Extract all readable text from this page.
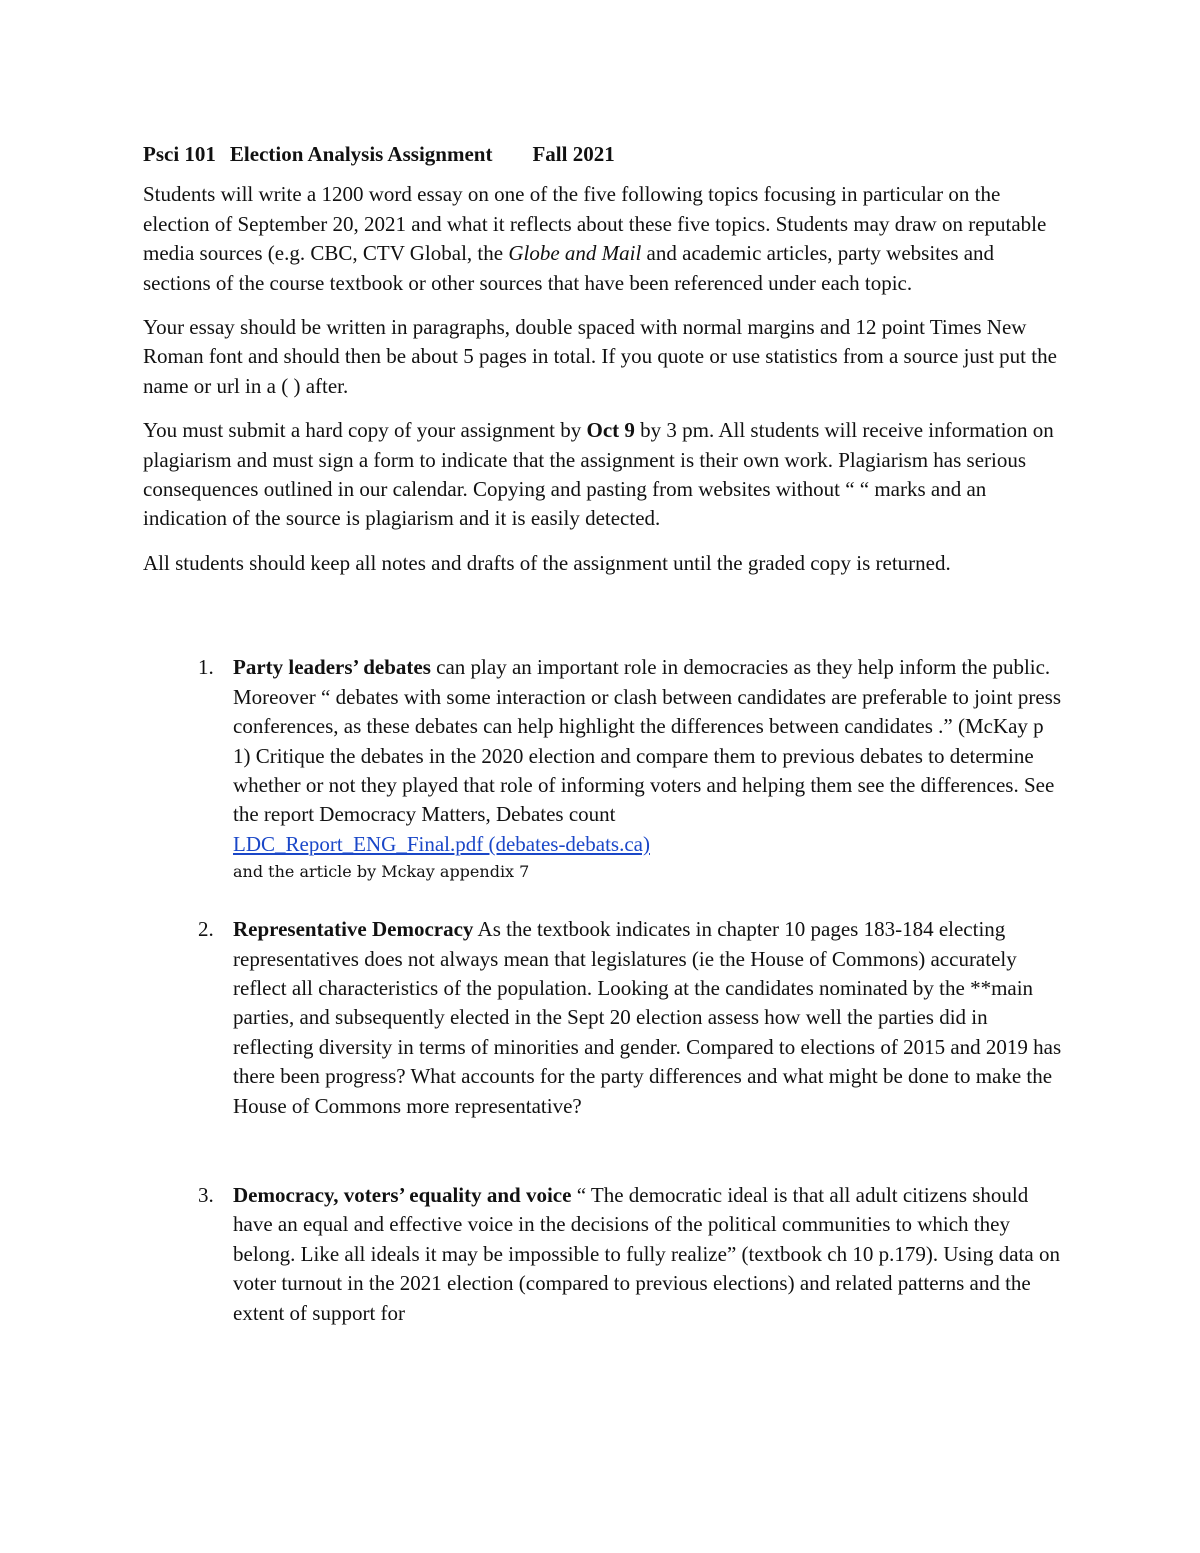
Psci 101 Election Analysis Assignment Fall 2021

Students will write a 1200 word essay on one of the five following topics focusing in particular on the election of September 20, 2021 and what it reflects about these five topics. Students may draw on reputable media sources (e.g. CBC, CTV Global, the Globe and Mail and academic articles, party websites and sections of the course textbook or other sources that have been referenced under each topic.

Your essay should be written in paragraphs, double spaced with normal margins and 12 point Times New Roman font and should then be about 5 pages in total. If you quote or use statistics from a source just put the name or url in a ( ) after.

You must submit a hard copy of your assignment by Oct 9 by 3 pm. All students will receive information on plagiarism and must sign a form to indicate that the assignment is their own work. Plagiarism has serious consequences outlined in our calendar. Copying and pasting from websites without “ “ marks and an indication of the source is plagiarism and it is easily detected.

All students should keep all notes and drafts of the assignment until the graded copy is returned.

1. Party leaders’ debates can play an important role in democracies as they help inform the public. Moreover “ debates with some interaction or clash between candidates are preferable to joint press conferences, as these debates can help highlight the differences between candidates .” (McKay p 1) Critique the debates in the 2020 election and compare them to previous debates to determine whether or not they played that role of informing voters and helping them see the differences. See the report Democracy Matters, Debates count
LDC_Report_ENG_Final.pdf (debates-debats.ca)
and the article by Mckay appendix 7
2. Representative Democracy As the textbook indicates in chapter 10 pages 183-184 electing representatives does not always mean that legislatures (ie the House of Commons) accurately reflect all characteristics of the population. Looking at the candidates nominated by the **main parties, and subsequently elected in the Sept 20 election assess how well the parties did in reflecting diversity in terms of minorities and gender. Compared to elections of 2015 and 2019 has there been progress? What accounts for the party differences and what might be done to make the House of Commons more representative?
3. Democracy, voters’ equality and voice “ The democratic ideal is that all adult citizens should have an equal and effective voice in the decisions of the political communities to which they belong. Like all ideals it may be impossible to fully realize” (textbook ch 10 p.179). Using data on voter turnout in the 2021 election (compared to previous elections) and related patterns and the extent of support for
